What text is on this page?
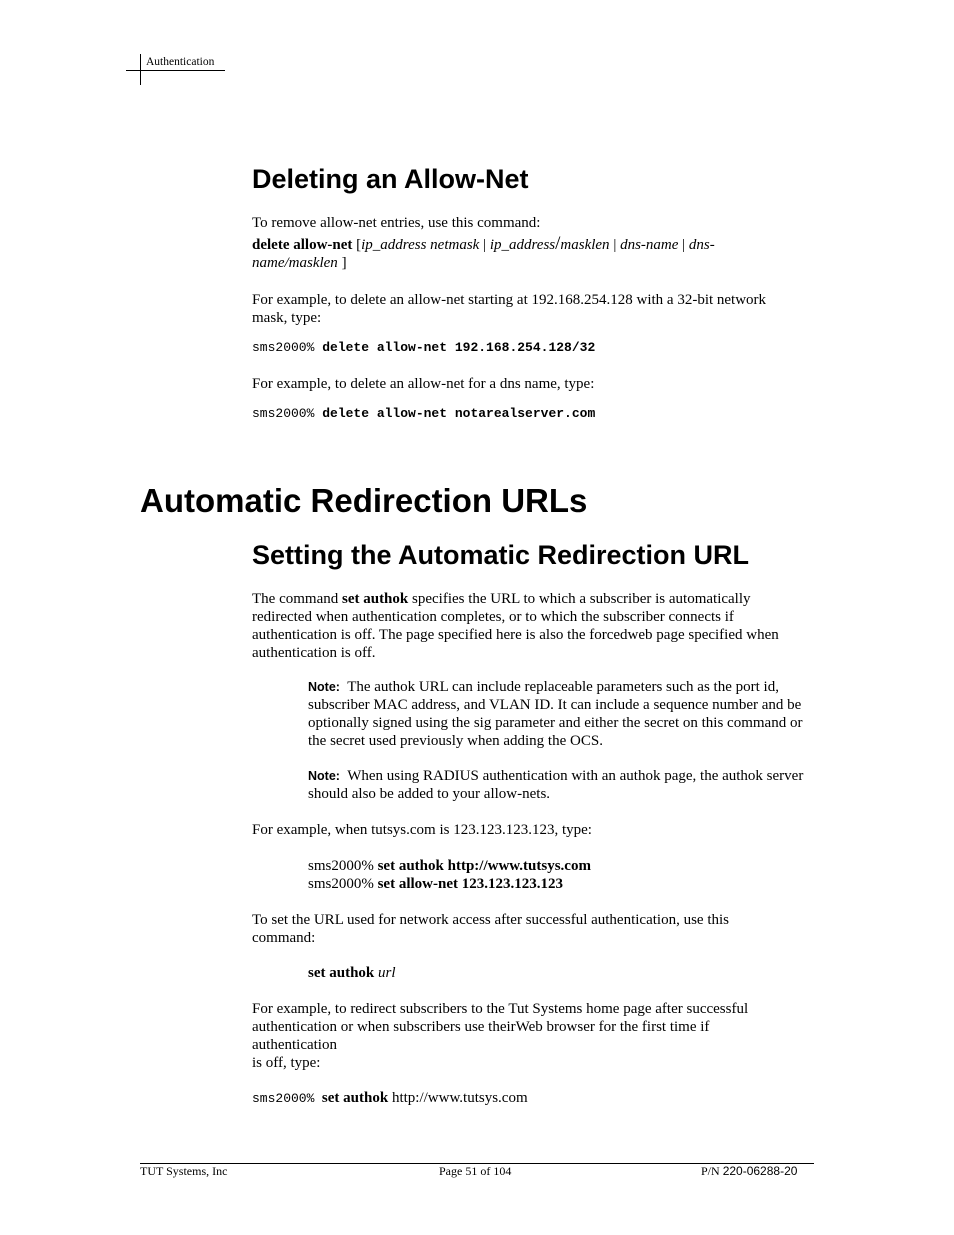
Authentication
Deleting an Allow-Net

To remove allow-net entries, use this command:

delete allow-net [ip_address netmask | ip_address/masklen | dns-name | dns-
name/masklen ]

For example, to delete an allow-net starting at 192.168.254.128 with a 32-bit network mask, type:

sms2000% delete allow-net 192.168.254.128/32

For example, to delete an allow-net for a dns name, type:

sms2000% delete allow-net notarealserver.com
Automatic Redirection URLs
Setting the Automatic Redirection URL

The command set authok specifies the URL to which a subscriber is automatically redirected when authentication completes, or to which the subscriber connects if authentication is off. The page specified here is also the forcedweb page specified when authentication is off.

Note: The authok URL can include replaceable parameters such as the port id, subscriber MAC address, and VLAN ID. It can include a sequence number and be optionally signed using the sig parameter and either the secret on this command or the secret used previously when adding the OCS.

Note: When using RADIUS authentication with an authok page, the authok server should also be added to your allow-nets.

For example, when tutsys.com is 123.123.123.123, type:

sms2000% set authok http://www.tutsys.com

sms2000% set allow-net 123.123.123.123

To set the URL used for network access after successful authentication, use this command:

set authok url

For example, to redirect subscribers to the Tut Systems home page after successful
authentication or when subscribers use theirWeb browser for the first time if
authentication
is off, type:
sms2000% set authok http://www.tutsys.com
TUT Systems, Inc	Page 51 of 104	P/N 220-06288-20
